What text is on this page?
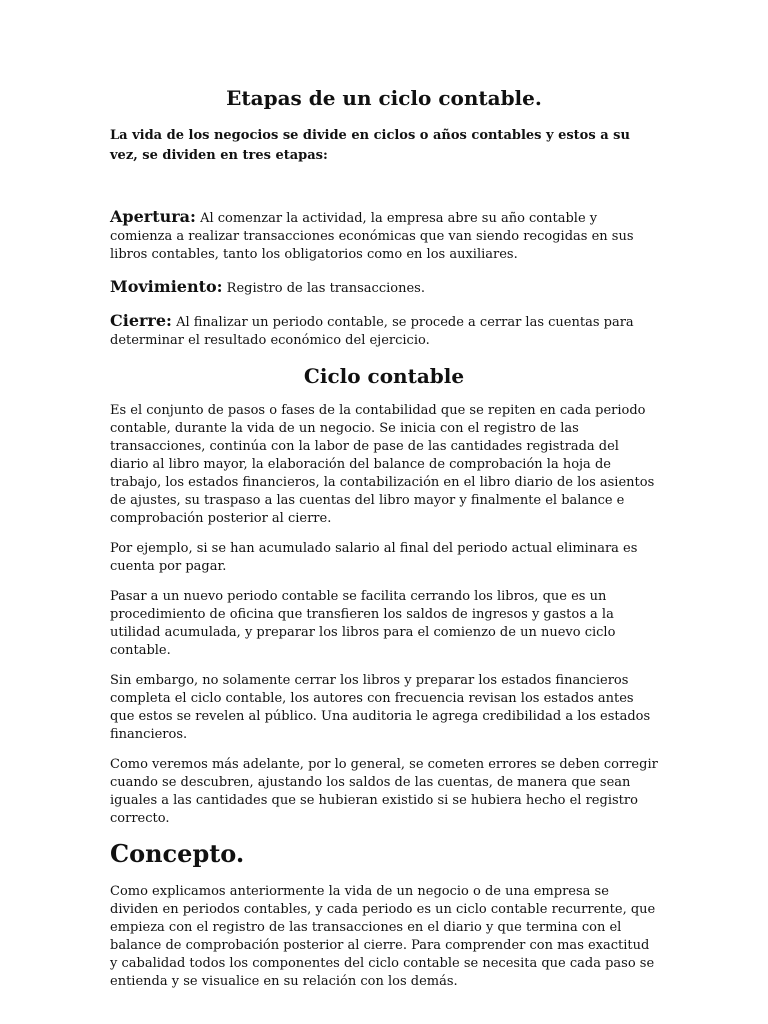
Etapas de un ciclo contable.

La vida de los negocios se divide en ciclos o años contables y estos a su vez, se dividen en tres etapas:

Apertura: Al comenzar la actividad, la empresa abre su año contable y comienza a realizar transacciones económicas que van siendo recogidas en sus libros contables, tanto los obligatorios como en los auxiliares.

Movimiento: Registro de las transacciones.

Cierre: Al finalizar un periodo contable, se procede a cerrar las cuentas para determinar el resultado económico del ejercicio.

Ciclo contable

Es el conjunto de pasos o fases de la contabilidad que se repiten en cada periodo contable, durante la vida de un negocio. Se inicia con el registro de las transacciones, continúa con la labor de pase de las cantidades registrada del diario al libro mayor, la elaboración del balance de comprobación la hoja de trabajo, los estados financieros, la contabilización en el libro diario de los asientos de ajustes, su traspaso a las cuentas del libro mayor y finalmente el balance e comprobación posterior al cierre.

Por ejemplo, si se han acumulado salario al final del periodo actual eliminara es cuenta por pagar.

Pasar a un nuevo periodo contable se facilita cerrando los libros, que es un procedimiento de oficina que transfieren los saldos de ingresos y gastos a la utilidad acumulada, y preparar los libros para el comienzo de un nuevo ciclo contable.

Sin embargo, no solamente cerrar los libros y preparar los estados financieros completa el ciclo contable, los autores con frecuencia revisan los estados antes que estos se revelen al público. Una auditoria le agrega credibilidad a los estados financieros.

Como veremos más adelante, por lo general, se cometen errores se deben corregir cuando se descubren, ajustando los saldos de las cuentas, de manera que sean iguales a las cantidades que se hubieran existido si se hubiera hecho el registro correcto.

Concepto.

Como explicamos anteriormente la vida de un negocio o de una empresa se dividen en periodos contables, y cada periodo es un ciclo contable recurrente, que empieza con el registro de las transacciones en el diario y que termina con el balance de comprobación posterior al cierre. Para comprender con mas exactitud y cabalidad todos los componentes del ciclo contable se necesita que cada paso se entienda y se visualice en su relación con los demás.
